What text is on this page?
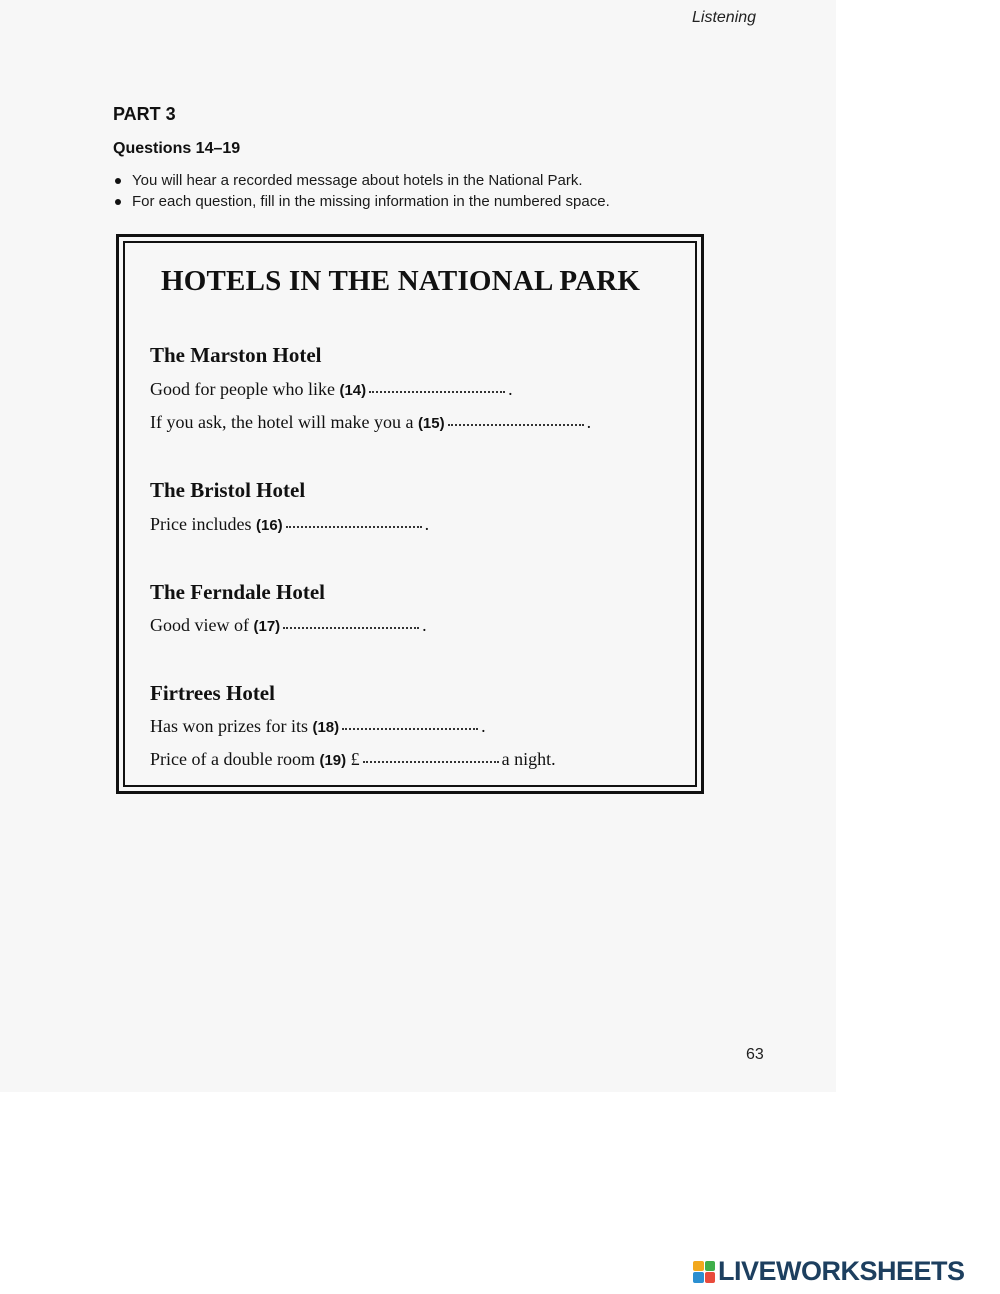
Listening
PART 3
Questions 14–19
You will hear a recorded message about hotels in the National Park.
For each question, fill in the missing information in the numbered space.
HOTELS IN THE NATIONAL PARK
The Marston Hotel
Good for people who like (14)	.
If you ask, the hotel will make you a (15)	.
The Bristol Hotel
Price includes (16)	.
The Ferndale Hotel
Good view of (17)	.
Firtrees Hotel
Has won prizes for its (18)	.
Price of a double room (19) £	a night.
63
LIVEWORKSHEETS
